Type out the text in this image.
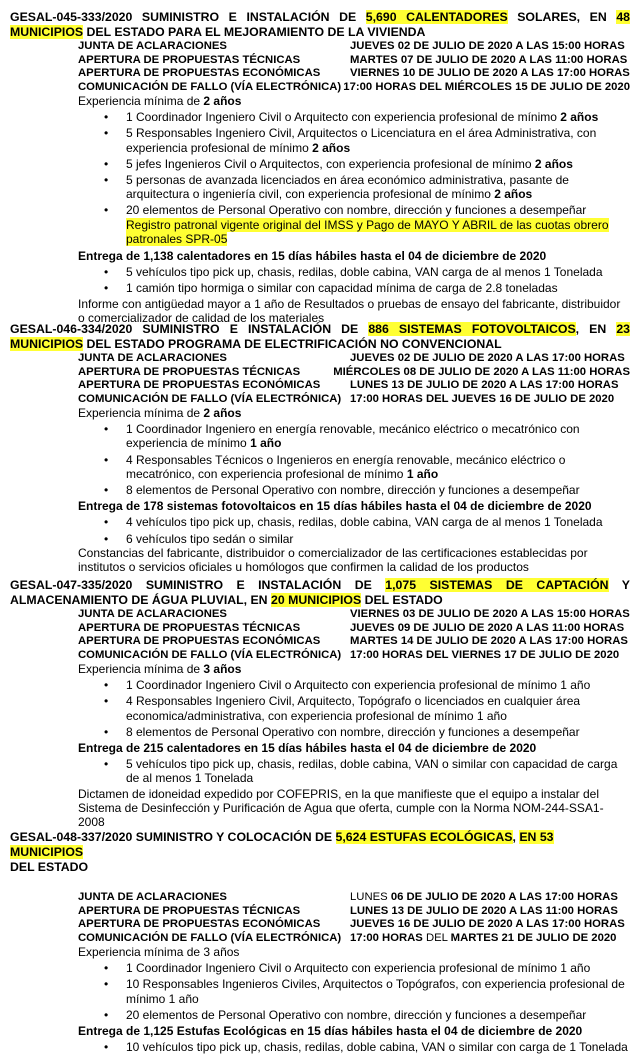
GESAL-045-333/2020 SUMINISTRO E INSTALACIÓN DE 5,690 CALENTADORES SOLARES, EN 48 MUNICIPIOS DEL ESTADO PARA EL MEJORAMIENTO DE LA VIVIENDA
JUNTA DE ACLARACIONES	JUEVES 02 DE JULIO DE 2020 A LAS 15:00 HORAS
APERTURA DE PROPUESTAS TÉCNICAS	MARTES 07 DE JULIO DE 2020 A LAS 11:00 HORAS
APERTURA DE PROPUESTAS ECONÓMICAS	VIERNES 10 DE JULIO DE 2020 A LAS 17:00 HORAS
COMUNICACIÓN DE FALLO (VÍA ELECTRÓNICA) 17:00 HORAS DEL MIÉRCOLES 15 DE JULIO DE 2020
Experiencia mínima de 2 años
• 1 Coordinador Ingeniero Civil o Arquitecto con experiencia profesional de mínimo 2 años
• 5 Responsables Ingeniero Civil, Arquitectos o Licenciatura en el área Administrativa, con experiencia profesional de mínimo 2 años
• 5 jefes Ingenieros Civil o Arquitectos, con experiencia profesional de mínimo 2 años
• 5 personas de avanzada licenciados en área económico administrativa, pasante de arquitectura o ingeniería civil, con experiencia profesional de mínimo 2 años
• 20 elementos de Personal Operativo con nombre, dirección y funciones a desempeñar
Registro patronal vigente original del IMSS y Pago de MAYO Y ABRIL de las cuotas obrero patronales SPR-05
Entrega de 1,138 calentadores en 15 días hábiles hasta el 04 de diciembre de 2020
• 5 vehículos tipo pick up, chasis, redilas, doble cabina, VAN carga de al menos 1 Tonelada
• 1 camión tipo hormiga o similar con capacidad mínima de carga de 2.8 toneladas
Informe con antigüedad mayor a 1 año de Resultados o pruebas de ensayo del fabricante, distribuidor o comercializador de calidad de los materiales
GESAL-046-334/2020 SUMINISTRO E INSTALACIÓN DE 886 SISTEMAS FOTOVOLTAICOS, EN 23 MUNICIPIOS DEL ESTADO PROGRAMA DE ELECTRIFICACIÓN NO CONVENCIONAL
JUNTA DE ACLARACIONES	JUEVES 02 DE JULIO DE 2020 A LAS 17:00 HORAS
APERTURA DE PROPUESTAS TÉCNICAS	MIÉRCOLES 08 DE JULIO DE 2020 A LAS 11:00 HORAS
APERTURA DE PROPUESTAS ECONÓMICAS	LUNES 13 DE JULIO DE 2020 A LAS 17:00 HORAS
COMUNICACIÓN DE FALLO (VÍA ELECTRÓNICA) 17:00 HORAS DEL JUEVES 16 DE JULIO DE 2020
Experiencia mínima de 2 años
• 1 Coordinador Ingeniero en energía renovable, mecánico eléctrico o mecatrónico con experiencia de mínimo 1 año
• 4 Responsables Técnicos o Ingenieros en energía renovable, mecánico eléctrico o mecatrónico, con experiencia profesional de mínimo 1 año
• 8 elementos de Personal Operativo con nombre, dirección y funciones a desempeñar
Entrega de 178 sistemas fotovoltaicos en 15 días hábiles hasta el 04 de diciembre de 2020
• 4 vehículos tipo pick up, chasis, redilas, doble cabina, VAN carga de al menos 1 Tonelada
• 6 vehículos tipo sedán o similar
Constancias del fabricante, distribuidor o comercializador de las certificaciones establecidas por institutos o servicios oficiales u homólogos que confirmen la calidad de los productos
GESAL-047-335/2020 SUMINISTRO E INSTALACIÓN DE 1,075 SISTEMAS DE CAPTACIÓN Y ALMACENAMIENTO DE ÁGUA PLUVIAL, EN 20 MUNICIPIOS DEL ESTADO
JUNTA DE ACLARACIONES	VIERNES 03 DE JULIO DE 2020 A LAS 15:00 HORAS
APERTURA DE PROPUESTAS TÉCNICAS	JUEVES 09 DE JULIO DE 2020 A LAS 11:00 HORAS
APERTURA DE PROPUESTAS ECONÓMICAS	MARTES 14 DE JULIO DE 2020 A LAS 17:00 HORAS
COMUNICACIÓN DE FALLO (VÍA ELECTRÓNICA) 17:00 HORAS DEL VIERNES 17 DE JULIO DE 2020
Experiencia mínima de 3 años
• 1 Coordinador Ingeniero Civil o Arquitecto con experiencia profesional de mínimo 1 año
• 4 Responsables Ingeniero Civil, Arquitecto, Topógrafo o licenciados en cualquier área economica/administrativa, con experiencia profesional de mínimo 1 año
• 8 elementos de Personal Operativo con nombre, dirección y funciones a desempeñar
Entrega de 215 calentadores en 15 días hábiles hasta el 04 de diciembre de 2020
• 5 vehículos tipo pick up, chasis, redilas, doble cabina, VAN o similar con capacidad de carga de al menos 1 Tonelada
Dictamen de idoneidad expedido por COFEPRIS, en la que manifieste que el equipo a instalar del Sistema de Desinfección y Purificación de Agua que oferta, cumple con la Norma NOM-244-SSA1-2008
GESAL-048-337/2020 SUMINISTRO Y COLOCACIÓN DE 5,624 ESTUFAS ECOLÓGICAS, EN 53 MUNICIPIOS
DEL ESTADO
JUNTA DE ACLARACIONES	LUNES 06 DE JULIO DE 2020 A LAS 17:00 HORAS
APERTURA DE PROPUESTAS TÉCNICAS	LUNES 13 DE JULIO DE 2020 A LAS 11:00 HORAS
APERTURA DE PROPUESTAS ECONÓMICAS	JUEVES 16 DE JULIO DE 2020 A LAS 17:00 HORAS
COMUNICACIÓN DE FALLO (VÍA ELECTRÓNICA) 17:00 HORAS DEL MARTES 21 DE JULIO DE 2020
Experiencia mínima de 3 años
• 1 Coordinador Ingeniero Civil o Arquitecto con experiencia profesional de mínimo 1 año
• 10 Responsables Ingenieros Civiles, Arquitectos o Topógrafos, con experiencia profesional de mínimo 1 año
• 20 elementos de Personal Operativo con nombre, dirección y funciones a desempeñar
Entrega de 1,125 Estufas Ecológicas en 15 días hábiles hasta el 04 de diciembre de 2020
• 10 vehículos tipo pick up, chasis, redilas, doble cabina, VAN o similar con carga de 1 Tonelada
